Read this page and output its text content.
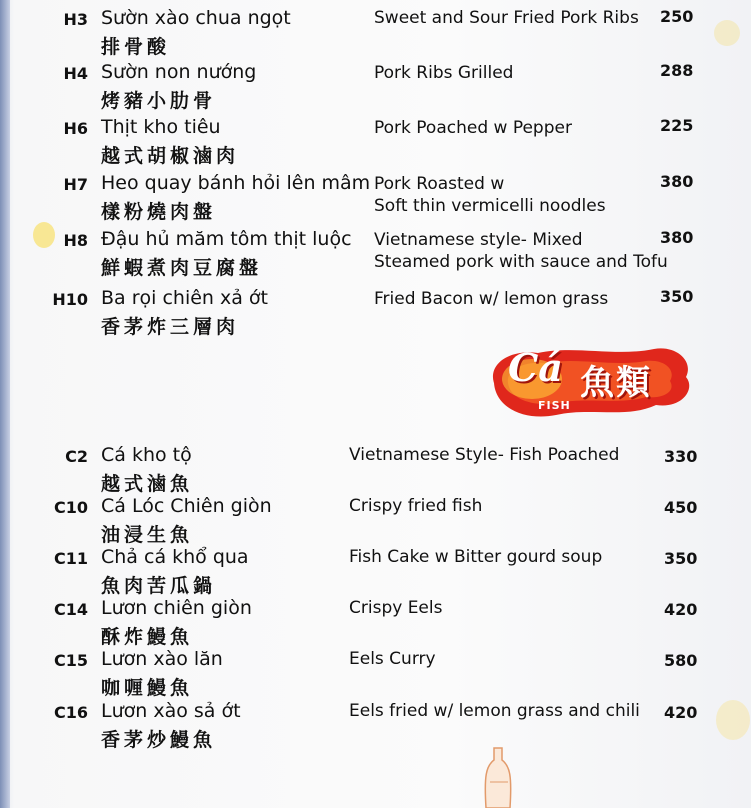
H3 Sườn xào chua ngọt
排骨酸
Sweet and Sour Fried Pork Ribs 250
H4 Sườn non nướng
烤豬小肋骨
Pork Ribs Grilled	288
H6 Thịt kho tiêu
越式胡椒滷肉
Pork Poached w Pepper	225
H7 Heo quay bánh hỏi lên mâm
樣粉燒肉盤
Pork Roasted w
Soft thin vermicelli noodles
380
H8 Đậu hủ măm tôm thịt luộc
鮮蝦煮肉豆腐盤
Vietnamese style- Mixed
Steamed pork with sauce and Tofu
380
H10 Ba rọi chiên xả ớt
香茅炸三層肉
Fried Bacon w/ lemon grass	350
Cá 魚類
FISH
C2 Cá kho tộ
越式滷魚
Vietnamese Style- Fish Poached	330
C10 Cá Lóc Chiên giòn
油浸生魚
Crispy fried fish	450
C11 Chả cá khổ qua
魚肉苦瓜鍋
Fish Cake w Bitter gourd soup	350
C14 Lươn chiên giòn
酥炸鰻魚
Crispy Eels	420
C15 Lươn xào lăn
咖喱鰻魚
Eels Curry	580
C16 Lươn xào sả ớt
香茅炒鰻魚
Eels fried w/ lemon grass and chili 420
